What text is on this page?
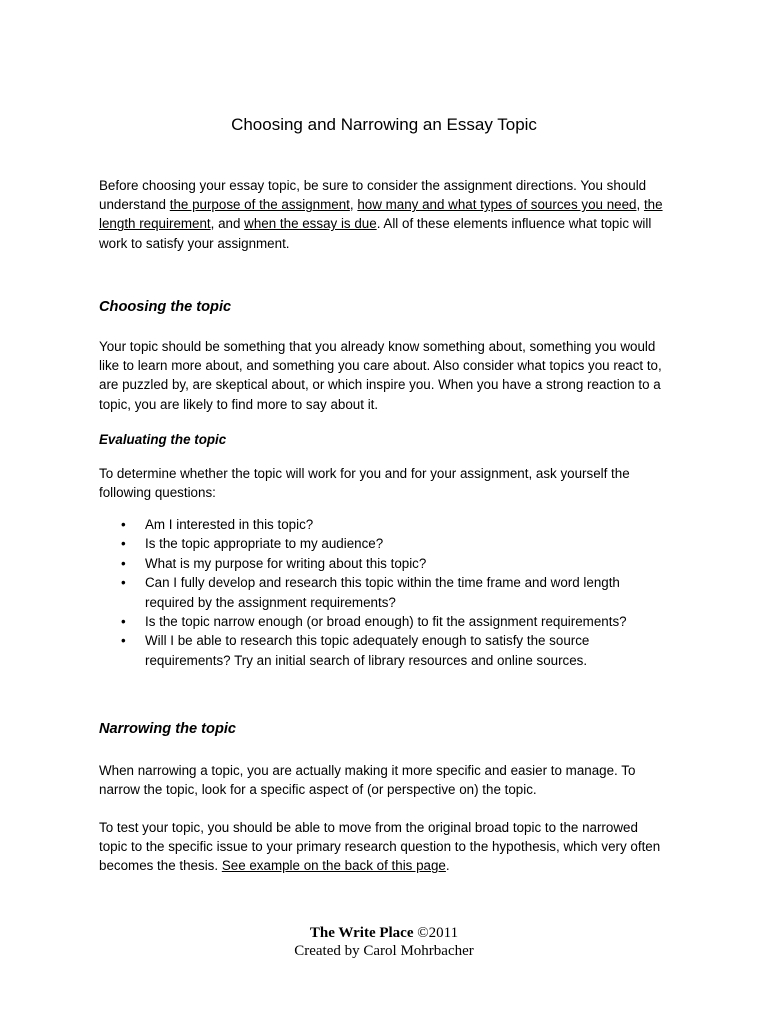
Choosing and Narrowing an Essay Topic

Before choosing your essay topic, be sure to consider the assignment directions. You should understand the purpose of the assignment, how many and what types of sources you need, the length requirement, and when the essay is due. All of these elements influence what topic will work to satisfy your assignment.

Choosing the topic

Your topic should be something that you already know something about, something you would like to learn more about, and something you care about. Also consider what topics you react to, are puzzled by, are skeptical about, or which inspire you. When you have a strong reaction to a topic, you are likely to find more to say about it.

Evaluating the topic

To determine whether the topic will work for you and for your assignment, ask yourself the following questions:

• Am I interested in this topic?
• Is the topic appropriate to my audience?
• What is my purpose for writing about this topic?
• Can I fully develop and research this topic within the time frame and word length required by the assignment requirements?
• Is the topic narrow enough (or broad enough) to fit the assignment requirements?
• Will I be able to research this topic adequately enough to satisfy the source requirements? Try an initial search of library resources and online sources.
Narrowing the topic

When narrowing a topic, you are actually making it more specific and easier to manage. To narrow the topic, look for a specific aspect of (or perspective on) the topic.

To test your topic, you should be able to move from the original broad topic to the narrowed topic to the specific issue to your primary research question to the hypothesis, which very often becomes the thesis. See example on the back of this page.

The Write Place ©2011
Created by Carol Mohrbacher
